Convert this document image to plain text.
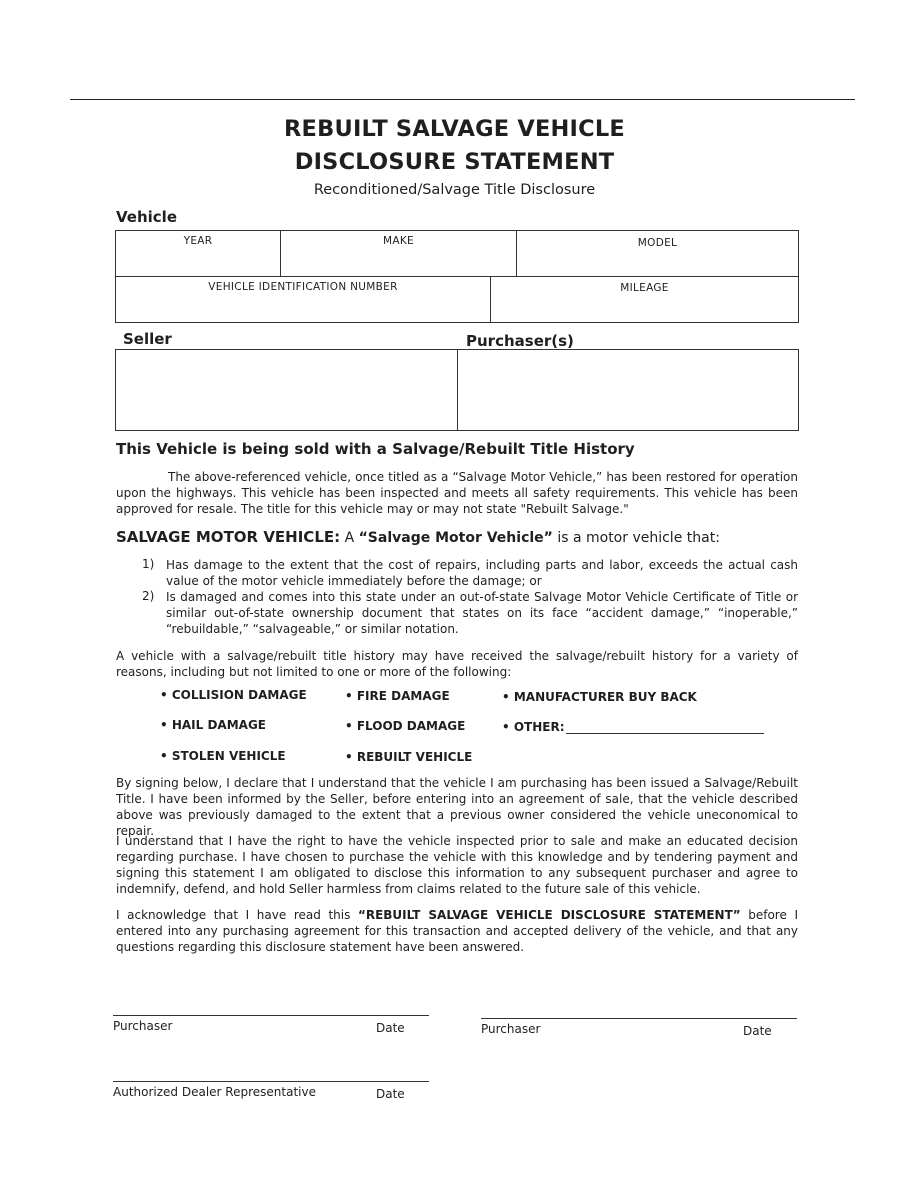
REBUILT SALVAGE VEHICLE
DISCLOSURE STATEMENT
Reconditioned/Salvage Title Disclosure
Vehicle
YEAR	MAKE	MODEL
VEHICLE IDENTIFICATION NUMBER	MILEAGE
Seller	Purchaser(s)
This Vehicle is being sold with a Salvage/Rebuilt Title History
The above-referenced vehicle, once titled as a “Salvage Motor Vehicle,” has been restored for operation upon the highways. This vehicle has been inspected and meets all safety requirements. This vehicle has been approved for resale. The title for this vehicle may or may not state "Rebuilt Salvage."
SALVAGE MOTOR VEHICLE: A “Salvage Motor Vehicle” is a motor vehicle that:
1) Has damage to the extent that the cost of repairs, including parts and labor, exceeds the actual cash value of the motor vehicle immediately before the damage; or
2) Is damaged and comes into this state under an out-of-state Salvage Motor Vehicle Certificate of Title or similar out-of-state ownership document that states on its face “accident damage,” “inoperable,” “rebuildable,” “salvageable,” or similar notation.
A vehicle with a salvage/rebuilt title history may have received the salvage/rebuilt history for a variety of reasons, including but not limited to one or more of the following:
• COLLISION DAMAGE	• FIRE DAMAGE	• MANUFACTURER BUY BACK
• HAIL DAMAGE	• FLOOD DAMAGE	• OTHER:
• STOLEN VEHICLE	• REBUILT VEHICLE
By signing below, I declare that I understand that the vehicle I am purchasing has been issued a Salvage/Rebuilt Title. I have been informed by the Seller, before entering into an agreement of sale, that the vehicle described above was previously damaged to the extent that a previous owner considered the vehicle uneconomical to repair.
I understand that I have the right to have the vehicle inspected prior to sale and make an educated decision regarding purchase. I have chosen to purchase the vehicle with this knowledge and by tendering payment and signing this statement I am obligated to disclose this information to any subsequent purchaser and agree to indemnify, defend, and hold Seller harmless from claims related to the future sale of this vehicle.
I acknowledge that I have read this “REBUILT SALVAGE VEHICLE DISCLOSURE STATEMENT” before I entered into any purchasing agreement for this transaction and accepted delivery of the vehicle, and that any questions regarding this disclosure statement have been answered.
Purchaser	Date	Purchaser	Date
Authorized Dealer Representative	Date
